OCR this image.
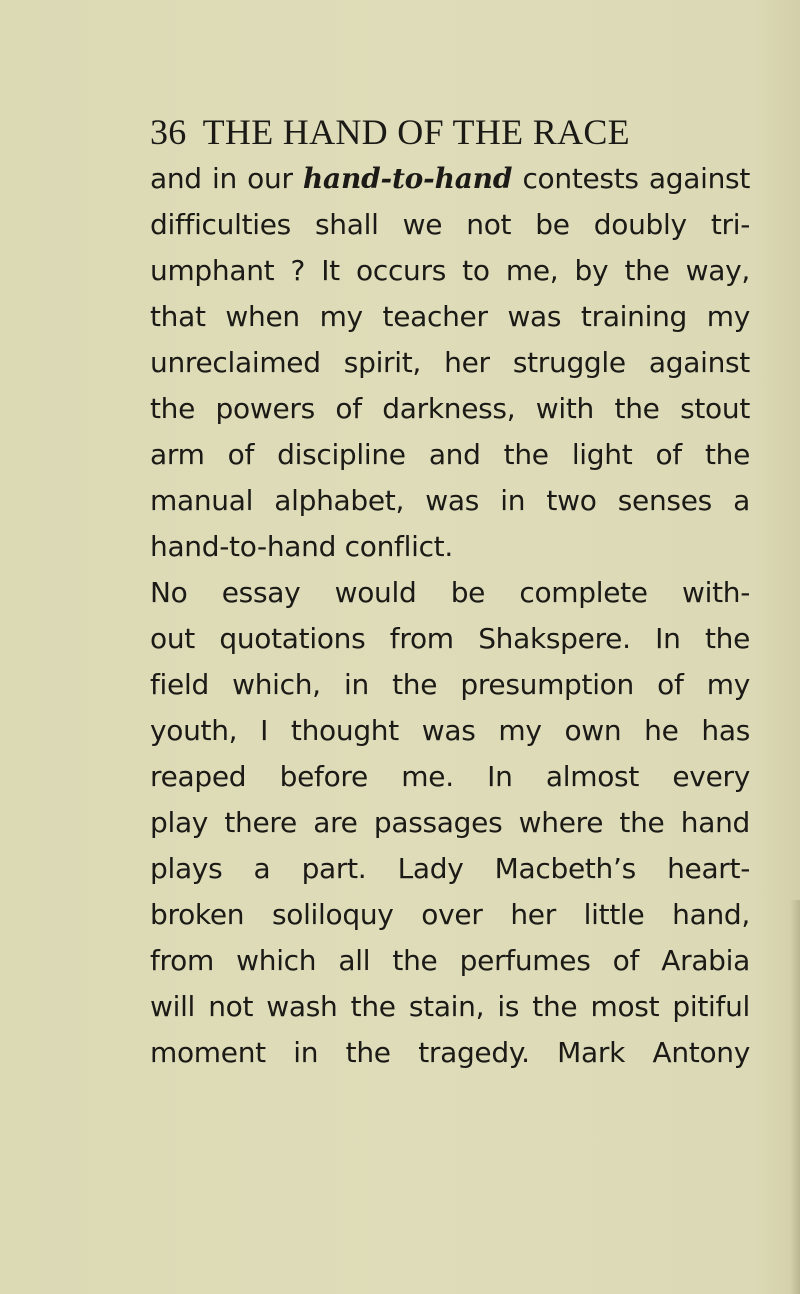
36 THE HAND OF THE RACE
and in our hand-to-hand contests against
difficulties shall we not be doubly tri-
umphant ? It occurs to me, by the way,
that when my teacher was training my
unreclaimed spirit, her struggle against
the powers of darkness, with the stout
arm of discipline and the light of the
manual alphabet, was in two senses a
hand-to-hand conflict.
No essay would be complete with-
out quotations from Shakspere. In the
field which, in the presumption of my
youth, I thought was my own he has
reaped before me. In almost every
play there are passages where the hand
plays a part. Lady Macbeth’s heart-
broken soliloquy over her little hand,
from which all the perfumes of Arabia
will not wash the stain, is the most pitiful
moment in the tragedy. Mark Antony
